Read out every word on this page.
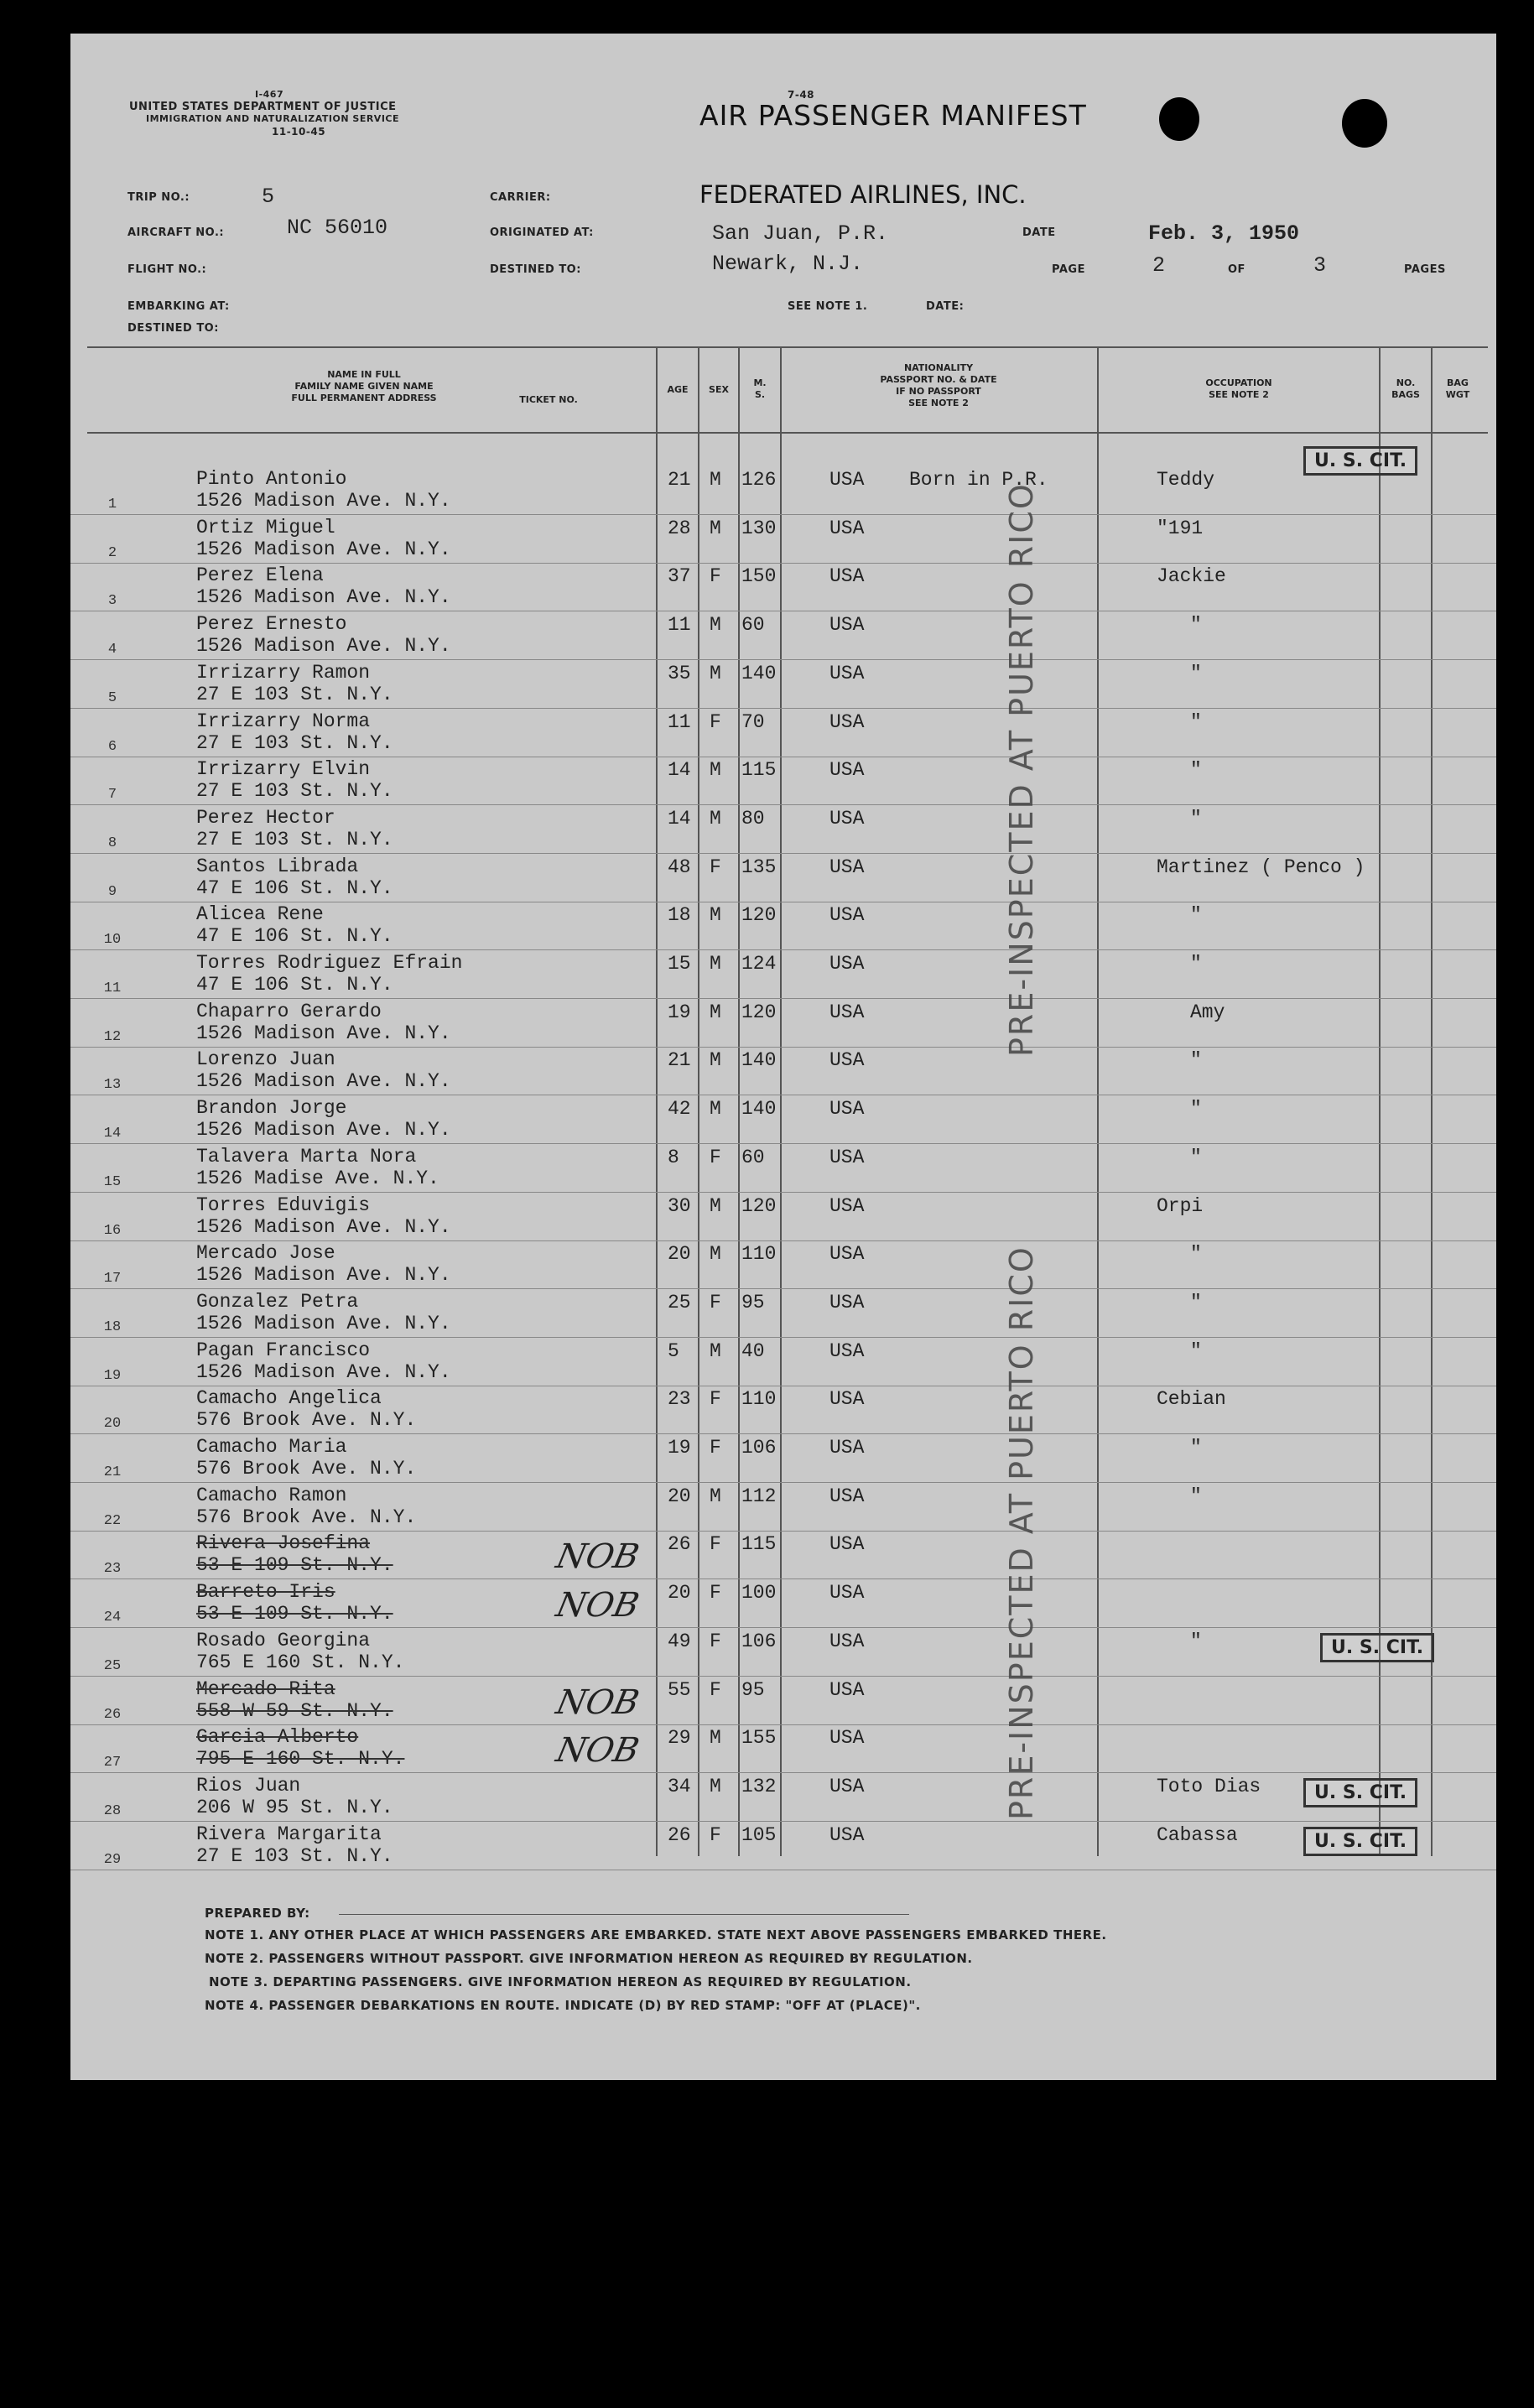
I-467
UNITED STATES DEPARTMENT OF JUSTICE
IMMIGRATION AND NATURALIZATION SERVICE
11-10-45
7-48
AIR PASSENGER MANIFEST
TRIP NO.:	5
AIRCRAFT NO.:	NC 56010
FLIGHT NO.:
CARRIER:	FEDERATED AIRLINES, INC.
ORIGINATED AT:	San Juan, P.R.
DESTINED TO:	Newark, N.J.
DATE	Feb. 3, 1950
PAGE	2	OF	3	PAGES
EMBARKING AT:
DESTINED TO:
SEE NOTE 1.	DATE:
NAME IN FULL
FAMILY NAME GIVEN NAME
FULL PERMANENT ADDRESS	TICKET NO.
AGE	SEX
M.
S.
NATIONALITY
PASSPORT NO. & DATE
IF NO PASSPORT
SEE NOTE 2
OCCUPATION
SEE NOTE 2
NO.
BAGS
BAG
WGT
1
Pinto Antonio
1526 Madison Ave. N.Y.
21 M 126	USA Born in P.R.	Teddy
2
Ortiz Miguel
1526 Madison Ave. N.Y.
28 M 130	USA	"191
3
Perez Elena
1526 Madison Ave. N.Y.
37 F 150	USA	Jackie
4
Perez Ernesto
1526 Madison Ave. N.Y.
11 M 60	USA	"
5
Irrizarry Ramon
27 E 103 St. N.Y.
35 M 140	USA	"
6
Irrizarry Norma
27 E 103 St. N.Y.
11 F 70	USA	"
7
Irrizarry Elvin
27 E 103 St. N.Y.
14 M 115	USA	"
8
Perez Hector
27 E 103 St. N.Y.
14 M 80	USA	"
9
Santos Librada
47 E 106 St. N.Y.
48 F 135	USA	Martinez ( Penco )
10
Alicea Rene
47 E 106 St. N.Y.
18 M 120	USA	"
11
Torres Rodriguez Efrain
47 E 106 St. N.Y.
15 M 124	USA	"
12
Chaparro Gerardo
1526 Madison Ave. N.Y.
19 M 120	USA	Amy
13
Lorenzo Juan
1526 Madison Ave. N.Y.
21 M 140	USA	"
14
Brandon Jorge
1526 Madison Ave. N.Y.
42 M 140	USA	"
15
Talavera Marta Nora
1526 Madise Ave. N.Y.
8 F 60	USA	"
16
Torres Eduvigis
1526 Madison Ave. N.Y.
30 M 120	USA	Orpi
17
Mercado Jose
1526 Madison Ave. N.Y.
20 M 110	USA	"
18
Gonzalez Petra
1526 Madison Ave. N.Y.
25 F 95	USA	"
19
Pagan Francisco
1526 Madison Ave. N.Y.
5 M 40	USA	"
20
Camacho Angelica
576 Brook Ave. N.Y.
23 F 110	USA	Cebian
21
Camacho Maria
576 Brook Ave. N.Y.
19 F 106	USA	"
22
Camacho Ramon
576 Brook Ave. N.Y.
20 M 112	USA	"
23
Rivera Josefina
53 E 109 St. N.Y.
26 F 115	USA
NOB
24
Barreto Iris
53 E 109 St. N.Y.
20 F 100	USA
NOB
25
Rosado Georgina
765 E 160 St. N.Y.
49 F 106	USA	"	U. S. CIT.
26
Mercado Rita
558 W 59 St. N.Y.
55 F 95	USA
NOB
27
Garcia Alberto
795 E 160 St. N.Y.
29 M 155	USA
NOB
28
Rios Juan
206 W 95 St. N.Y.
34 M 132	USA	Toto Dias	U. S. CIT.
29
Rivera Margarita
27 E 103 St. N.Y.
26 F 105	USA	Cabassa	U. S. CIT.
U. S. CIT.
PRE-INSPECTED AT PUERTO RICO
PRE-INSPECTED AT PUERTO RICO
PREPARED BY:
NOTE 1. ANY OTHER PLACE AT WHICH PASSENGERS ARE EMBARKED. STATE NEXT ABOVE PASSENGERS EMBARKED THERE.
NOTE 2. PASSENGERS WITHOUT PASSPORT. GIVE INFORMATION HEREON AS REQUIRED BY REGULATION.
NOTE 3. DEPARTING PASSENGERS. GIVE INFORMATION HEREON AS REQUIRED BY REGULATION.
NOTE 4. PASSENGER DEBARKATIONS EN ROUTE. INDICATE (D) BY RED STAMP: "OFF AT (PLACE)".
